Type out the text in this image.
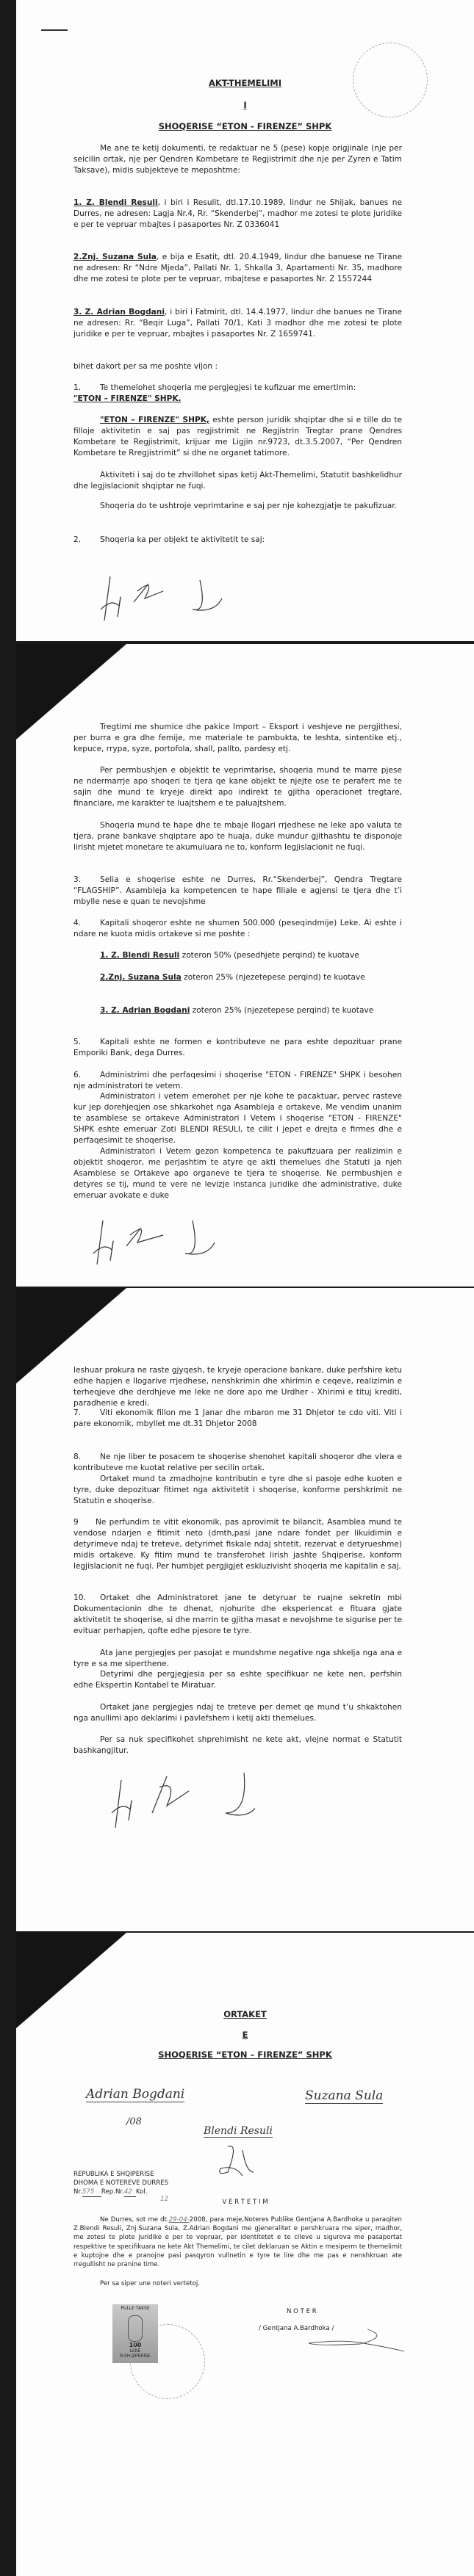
AKT-THEMELIMI
I
SHOQERISE “ETON - FIRENZE” SHPK
Me ane te ketij dokumenti, te redaktuar ne 5 (pese) kopje origjinale (nje per seicilin ortak, nje per Qendren Kombetare te Regjistrimit dhe nje per Zyren e Tatim Taksave), midis subjekteve te meposhtme:
1. Z. Blendi Resuli, i biri i Resulit, dtl.17.10.1989, lindur ne Shijak, banues ne Durres, ne adresen: Lagja Nr.4, Rr. “Skenderbej”, madhor me zotesi te plote juridike e per te vepruar mbajtes i pasaportes Nr. Z 0336041
2.Znj. Suzana Sula, e bija e Esatit, dtl. 20.4.1949, lindur dhe banuese ne Tirane ne adresen: Rr “Ndre Mjeda”, Pallati Nr. 1, Shkalla 3, Apartamenti Nr. 35, madhore dhe me zotesi te plote per te vepruar, mbajtese e pasaportes Nr. Z 1557244
3. Z. Adrian Bogdani, i biri i Fatmirit, dtl. 14.4.1977, lindur dhe banues ne Tirane ne adresen: Rr. “Beqir Luga”, Pallati 70/1, Kati 3 madhor dhe me zotesi te plote juridike e per te vepruar, mbajtes i pasaportes Nr. Z 1659741.
bihet dakort per sa me poshte vijon :
1. Te themelohet shoqeria me pergjegjesi te kufizuar me emertimin:
"ETON – FIRENZE" SHPK.
"ETON – FIRENZE" SHPK, eshte person juridik shqiptar dhe si e tille do te filloje aktivitetin e saj pas regjistrimit ne Regjistrin Tregtar prane Qendres Kombetare te Regjistrimit, krijuar me Ligjin nr.9723, dt.3.5.2007, “Per Qendren Kombetare te Rregjistrimit” si dhe ne organet tatimore.
Aktiviteti i saj do te zhvillohet sipas ketij Akt-Themelimi, Statutit bashkelidhur dhe legjislacionit shqiptar ne fuqi.
Shoqeria do te ushtroje veprimtarine e saj per nje kohezgjatje te pakufizuar.
2. Shoqeria ka per objekt te aktivitetit te saj:
Tregtimi me shumice dhe pakice Import – Eksport i veshjeve ne pergjithesi, per burra e gra dhe femije, me materiale te pambukta, te leshta, sintentike etj., kepuce, rrypa, syze, portofola, shall, pallto, pardesy etj.
Per permbushjen e objektit te veprimtarise, shoqeria mund te marre pjese ne ndermarrje apo shoqeri te tjera qe kane objekt te njejte ose te perafert me te sajin dhe mund te kryeje direkt apo indirekt te gjitha operacionet tregtare, financiare, me karakter te luajtshem e te paluajtshem.
Shoqeria mund te hape dhe te mbaje llogari rrjedhese ne leke apo valuta te tjera, prane bankave shqiptare apo te huaja, duke mundur gjithashtu te disponoje lirisht mjetet monetare te akumuluara ne to, konform legjislacionit ne fuqi.
3. Selia e shoqerise eshte ne Durres, Rr.“Skenderbej”, Qendra Tregtare “FLAGSHIP”. Asambleja ka kompetencen te hape filiale e agjensi te tjera dhe t’i mbylle nese e quan te nevojshme
4. Kapitali shoqeror eshte ne shumen 500.000 (peseqindmije) Leke. Ai eshte i ndare ne kuota midis ortakeve si me poshte :
1. Z. Blendi Resuli zoteron 50% (pesedhjete perqind) te kuotave
2.Znj. Suzana Sula zoteron 25% (njezetepese perqind) te kuotave
3. Z. Adrian Bogdani zoteron 25% (njezetepese perqind) te kuotave
5. Kapitali eshte ne formen e kontributeve ne para eshte depozituar prane Emporiki Bank, dega Durres.
6. Administrimi dhe perfaqesimi i shoqerise "ETON - FIRENZE" SHPK i besohen nje administratori te vetem.
Administratori i vetem emerohet per nje kohe te pacaktuar, pervec rasteve kur jep dorehjeqjen ose shkarkohet nga Asambleja e ortakeve. Me vendim unanim te asamblese se ortakeve Administratori I Vetem i shoqerise "ETON - FIRENZE" SHPK eshte emeruar Zoti BLENDI RESULI, te cilit i jepet e drejta e firmes dhe e perfaqesimit te shoqerise.
Administratori i Vetem gezon kompetenca te pakufizuara per realizimin e objektit shoqeror, me perjashtim te atyre qe akti themelues dhe Statuti ja njeh Asamblese se Ortakeve apo organeve te tjera te shoqerise. Ne permbushjen e detyres se tij, mund te vere ne levizje instanca juridike dhe administrative, duke emeruar avokate e duke
leshuar prokura ne raste gjyqesh, te kryeje operacione bankare, duke perfshire ketu edhe hapjen e llogarive rrjedhese, nenshkrimin dhe xhirimin e ceqeve, realizimin e terheqjeve dhe derdhjeve me leke ne dore apo me Urdher - Xhirimi e tituj krediti, paradhenie e kredi.
7. Viti ekonomik fillon me 1 Janar dhe mbaron me 31 Dhjetor te cdo viti. Viti i pare ekonomik, mbyllet me dt.31 Dhjetor 2008
8. Ne nje liber te posacem te shoqerise shenohet kapitali shoqeror dhe vlera e kontributeve me kuotat relative per secilin ortak.
Ortaket mund ta zmadhojne kontributin e tyre dhe si pasoje edhe kuoten e tyre, duke depozituar fitimet nga aktivitetit i shoqerise, konforme pershkrimit ne Statutin e shoqerise.
9 Ne perfundim te vitit ekonomik, pas aprovimit te bilancit, Asamblea mund te vendose ndarjen e fitimit neto (dmth,pasi jane ndare fondet per likuidimin e detyrimeve ndaj te treteve, detyrimet fiskale ndaj shtetit, rezervat e detyrueshme) midis ortakeve. Ky fitim mund te transferohet lirish jashte Shqiperise, konform legjislacionit ne fuqi. Per humbjet pergjigjet eskluzivisht shoqeria me kapitalin e saj.
10. Ortaket dhe Administratoret jane te detyruar te ruajne sekretin mbi Dokumentacionin dhe te dhenat, njohurite dhe eksperiencat e fituara gjate aktivitetit te shoqerise, si dhe marrin te gjitha masat e nevojshme te sigurise per te evituar perhapjen, qofte edhe pjesore te tyre.
Ata jane pergjegjes per pasojat e mundshme negative nga shkelja nga ana e tyre e sa me siperthene.
Detyrimi dhe pergjegjesia per sa eshte specifikuar ne kete nen, perfshin edhe Ekspertin Kontabel te Miratuar.
Ortaket jane pergjegjes ndaj te treteve per demet qe mund t’u shkaktohen nga anullimi apo deklarimi i pavlefshem i ketij akti themelues.
Per sa nuk specifikohet shprehimisht ne kete akt, vlejne normat e Statutit bashkangjitur.
ORTAKET
E
SHOQERISE “ETON – FIRENZE” SHPK
Adrian Bogdani
/08
Suzana Sula
Blendi Resuli
REPUBLIKA E SHQIPERISE
DHOMA E NOTEREVE DURRES
Nr.575 Rep.Nr.42 Kol.
12	V E R T E T I M
Ne Durres, sot me dt.29-04-2008, para meje,Noteres Publike Gentjana A.Bardhoka u paraqiten Z.Blendi Resuli, Znj.Suzana Sula, Z.Adrian Bogdani me gjeneralitet e pershkruara me siper, madhor, me zotesi te plote juridike e per te vepruar, per identitetet e te cileve u sigurova me pasaportat respektive te specifikuara ne kete Akt Themelimi, te cilet deklaruan se Aktin e mesiperm te themelimit e kuptojne dhe e pranojne pasi pasqyron vullnetin e tyre te lire dhe me pas e nenshkruan ate rregullisht ne pranine time.
Per sa siper une noteri vertetoj.
PULLE TAKSE
100
LEKE
R.SHQIPERISE
N O T E R
/ Gentjana A.Bardhoka /
